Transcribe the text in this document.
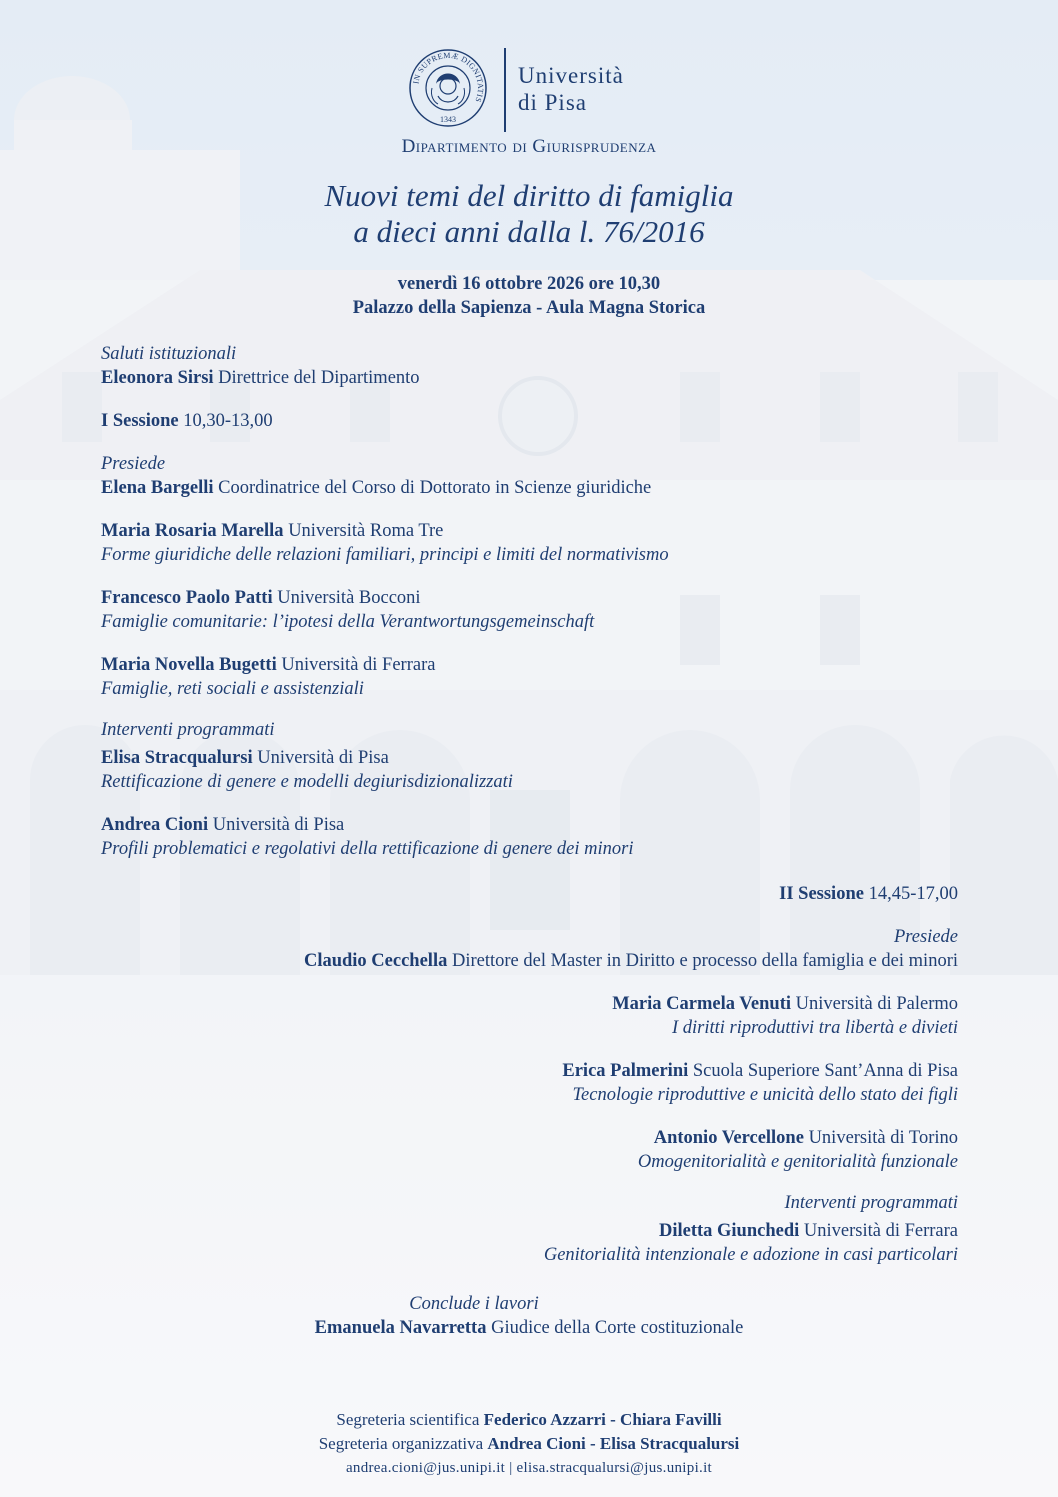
IN SUPREMÆ DIGNITATIS
1343
Università
di Pisa
Dipartimento di Giurisprudenza
Nuovi temi del diritto di famiglia
a dieci anni dalla l. 76/2016
venerdì 16 ottobre 2026 ore 10,30
Palazzo della Sapienza - Aula Magna Storica
Saluti istituzionali
Eleonora Sirsi Direttrice del Dipartimento
I Sessione 10,30-13,00
Presiede
Elena Bargelli Coordinatrice del Corso di Dottorato in Scienze giuridiche
Maria Rosaria Marella Università Roma Tre
Forme giuridiche delle relazioni familiari, principi e limiti del normativismo
Francesco Paolo Patti Università Bocconi
Famiglie comunitarie: l’ipotesi della Verantwortungsgemeinschaft
Maria Novella Bugetti Università di Ferrara
Famiglie, reti sociali e assistenziali
Interventi programmati
Elisa Stracqualursi Università di Pisa
Rettificazione di genere e modelli degiurisdizionalizzati
Andrea Cioni Università di Pisa
Profili problematici e regolativi della rettificazione di genere dei minori
II Sessione 14,45-17,00
Presiede
Claudio Cecchella Direttore del Master in Diritto e processo della famiglia e dei minori
Maria Carmela Venuti Università di Palermo
I diritti riproduttivi tra libertà e divieti
Erica Palmerini Scuola Superiore Sant’Anna di Pisa
Tecnologie riproduttive e unicità dello stato dei figli
Antonio Vercellone Università di Torino
Omogenitorialità e genitorialità funzionale
Interventi programmati
Diletta Giunchedi Università di Ferrara
Genitorialità intenzionale e adozione in casi particolari
Conclude i lavori
Emanuela Navarretta Giudice della Corte costituzionale
Segreteria scientifica Federico Azzarri - Chiara Favilli
Segreteria organizzativa Andrea Cioni - Elisa Stracqualursi
andrea.cioni@jus.unipi.it | elisa.stracqualursi@jus.unipi.it
